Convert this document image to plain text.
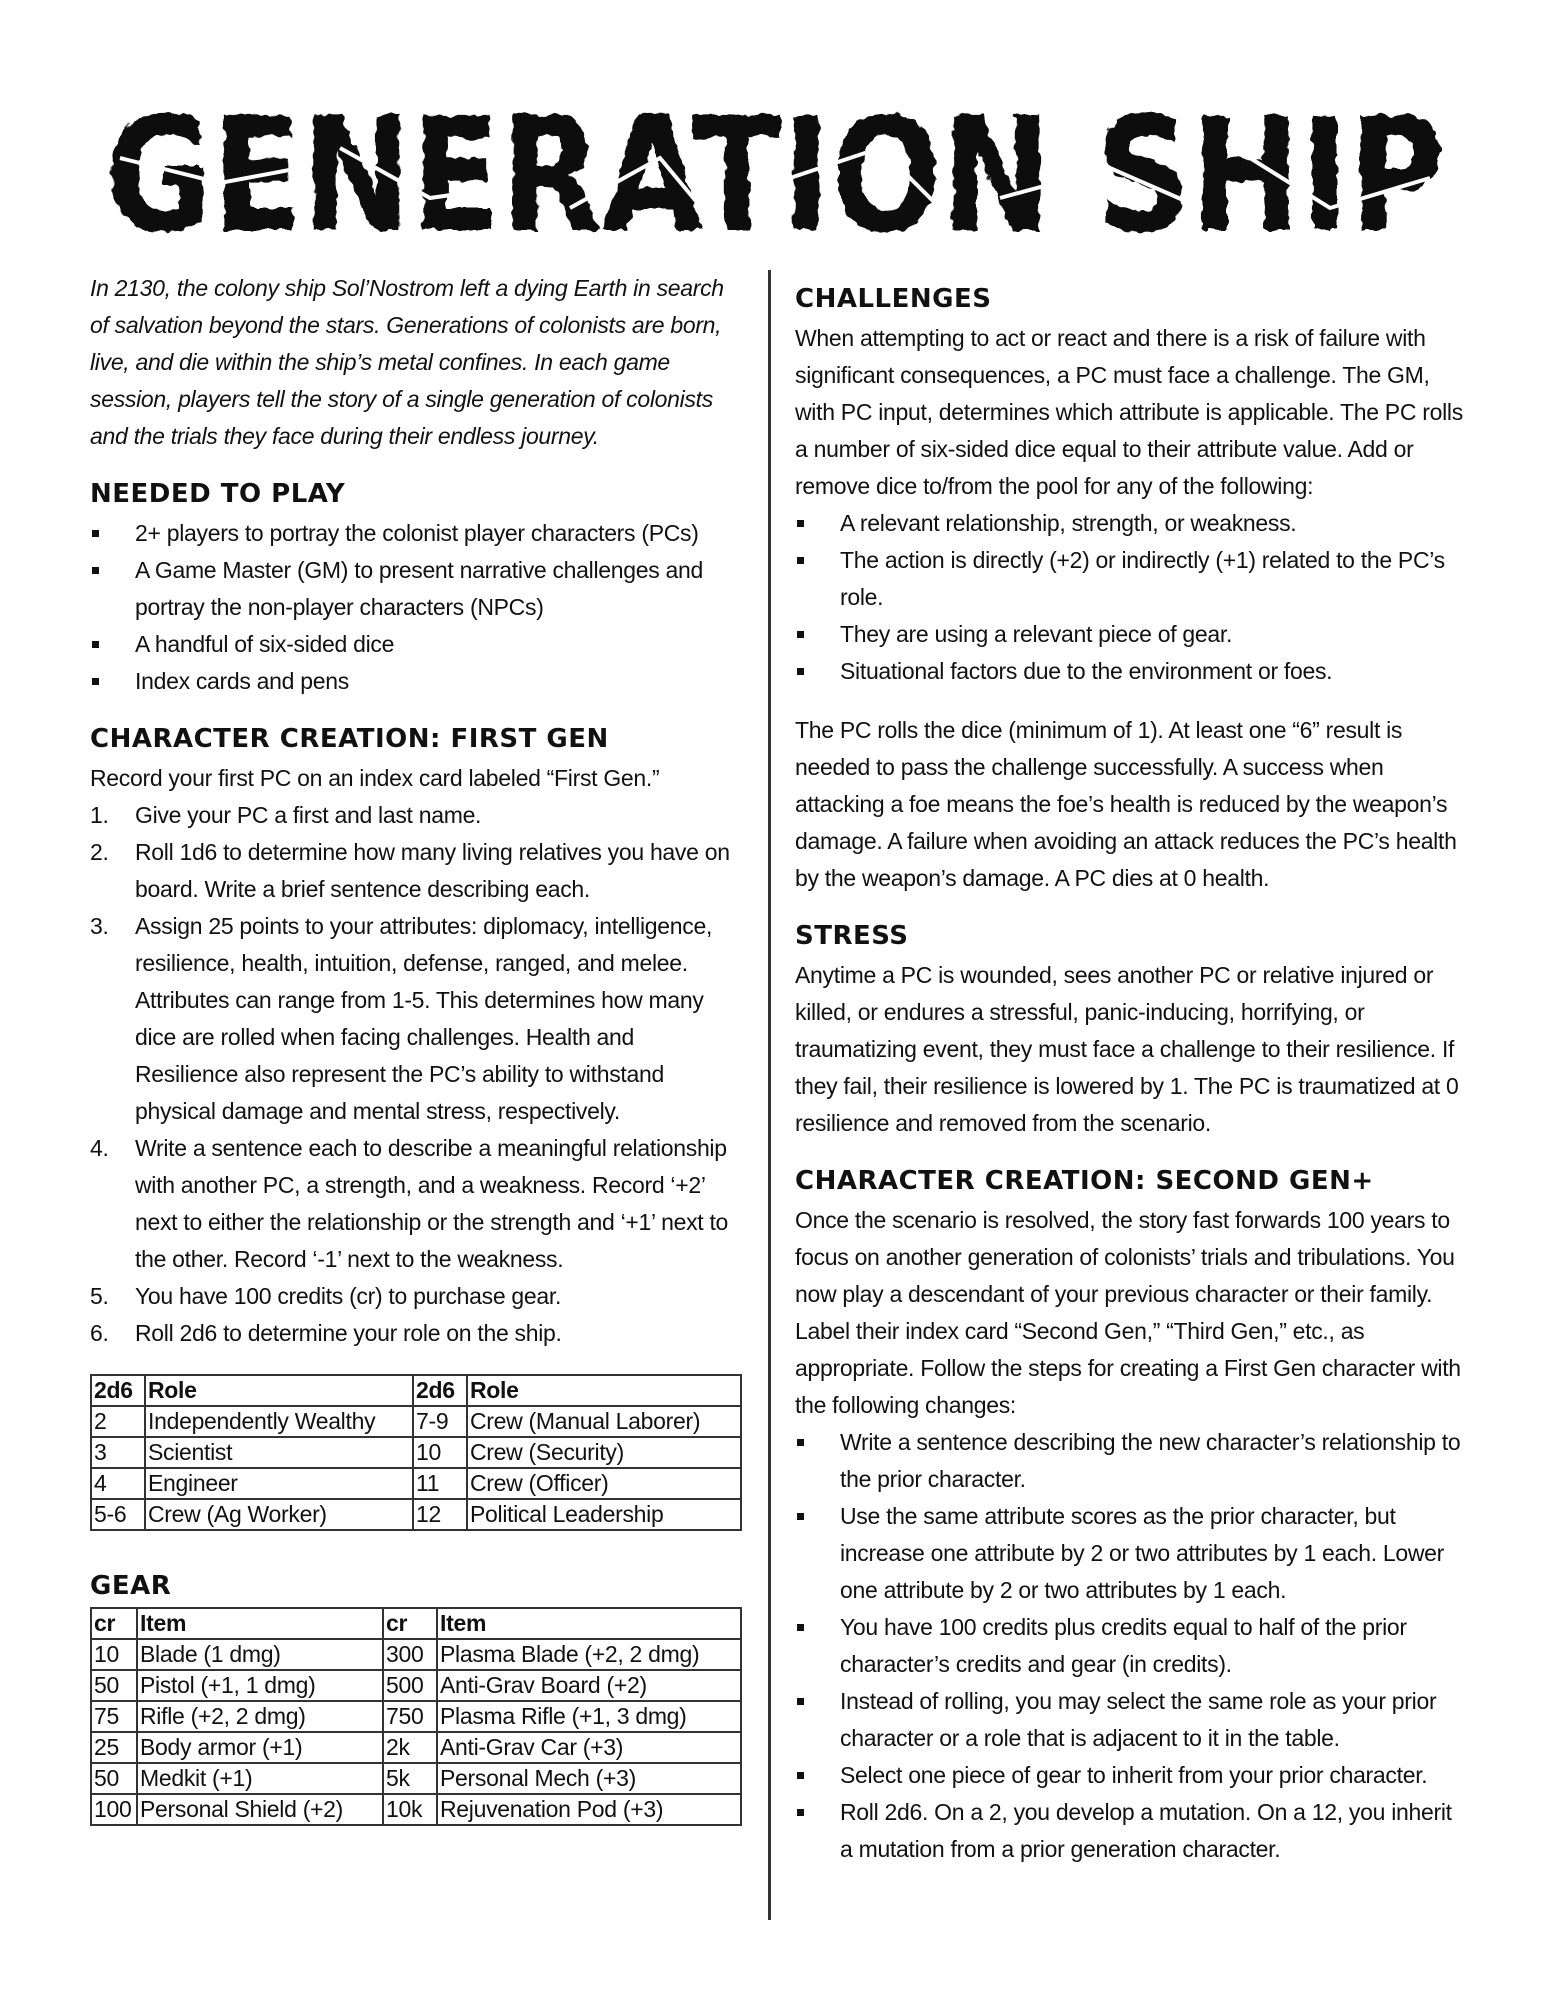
GENERATION SHIP

In 2130, the colony ship Sol’Nostrom left a dying Earth in search of salvation beyond the stars. Generations of colonists are born, live, and die within the ship’s metal confines. In each game session, players tell the story of a single generation of colonists and the trials they face during their endless journey.

NEEDED TO PLAY
2+ players to portray the colonist player characters (PCs)
A Game Master (GM) to present narrative challenges and portray the non-player characters (NPCs)
A handful of six-sided dice
Index cards and pens
CHARACTER CREATION: FIRST GEN

Record your first PC on an index card labeled “First Gen.”

1. Give your PC a first and last name.
2. Roll 1d6 to determine how many living relatives you have on board. Write a brief sentence describing each.
3. Assign 25 points to your attributes: diplomacy, intelligence, resilience, health, intuition, defense, ranged, and melee. Attributes can range from 1-5. This determines how many dice are rolled when facing challenges. Health and Resilience also represent the PC’s ability to withstand physical damage and mental stress, respectively.
4. Write a sentence each to describe a meaningful relationship with another PC, a strength, and a weakness. Record ‘+2’ next to either the relationship or the strength and ‘+1’ next to the other. Record ‘-1’ next to the weakness.
5. You have 100 credits (cr) to purchase gear.
6. Roll 2d6 to determine your role on the ship.
2d6	Role	2d6	Role
2	Independently Wealthy	7-9	Crew (Manual Laborer)
3	Scientist	10	Crew (Security)
4	Engineer	11	Crew (Officer)
5-6	Crew (Ag Worker)	12	Political Leadership
GEAR
cr	Item	cr	Item
10	Blade (1 dmg)	300	Plasma Blade (+2, 2 dmg)
50	Pistol (+1, 1 dmg)	500	Anti-Grav Board (+2)
75	Rifle (+2, 2 dmg)	750	Plasma Rifle (+1, 3 dmg)
25	Body armor (+1)	2k	Anti-Grav Car (+3)
50	Medkit (+1)	5k	Personal Mech (+3)
100	Personal Shield (+2)	10k	Rejuvenation Pod (+3)
CHALLENGES

When attempting to act or react and there is a risk of failure with significant consequences, a PC must face a challenge. The GM, with PC input, determines which attribute is applicable. The PC rolls a number of six-sided dice equal to their attribute value. Add or remove dice to/from the pool for any of the following:

A relevant relationship, strength, or weakness.
The action is directly (+2) or indirectly (+1) related to the PC’s role.
They are using a relevant piece of gear.
Situational factors due to the environment or foes.

The PC rolls the dice (minimum of 1). At least one “6” result is needed to pass the challenge successfully. A success when attacking a foe means the foe’s health is reduced by the weapon’s damage. A failure when avoiding an attack reduces the PC’s health by the weapon’s damage. A PC dies at 0 health.

STRESS

Anytime a PC is wounded, sees another PC or relative injured or killed, or endures a stressful, panic-inducing, horrifying, or traumatizing event, they must face a challenge to their resilience. If they fail, their resilience is lowered by 1. The PC is traumatized at 0 resilience and removed from the scenario.

CHARACTER CREATION: SECOND GEN+

Once the scenario is resolved, the story fast forwards 100 years to focus on another generation of colonists’ trials and tribulations. You now play a descendant of your previous character or their family. Label their index card “Second Gen,” “Third Gen,” etc., as appropriate. Follow the steps for creating a First Gen character with the following changes:

Write a sentence describing the new character’s relationship to the prior character.
Use the same attribute scores as the prior character, but increase one attribute by 2 or two attributes by 1 each. Lower one attribute by 2 or two attributes by 1 each.
You have 100 credits plus credits equal to half of the prior character’s credits and gear (in credits).
Instead of rolling, you may select the same role as your prior character or a role that is adjacent to it in the table.
Select one piece of gear to inherit from your prior character.
Roll 2d6. On a 2, you develop a mutation. On a 12, you inherit a mutation from a prior generation character.
